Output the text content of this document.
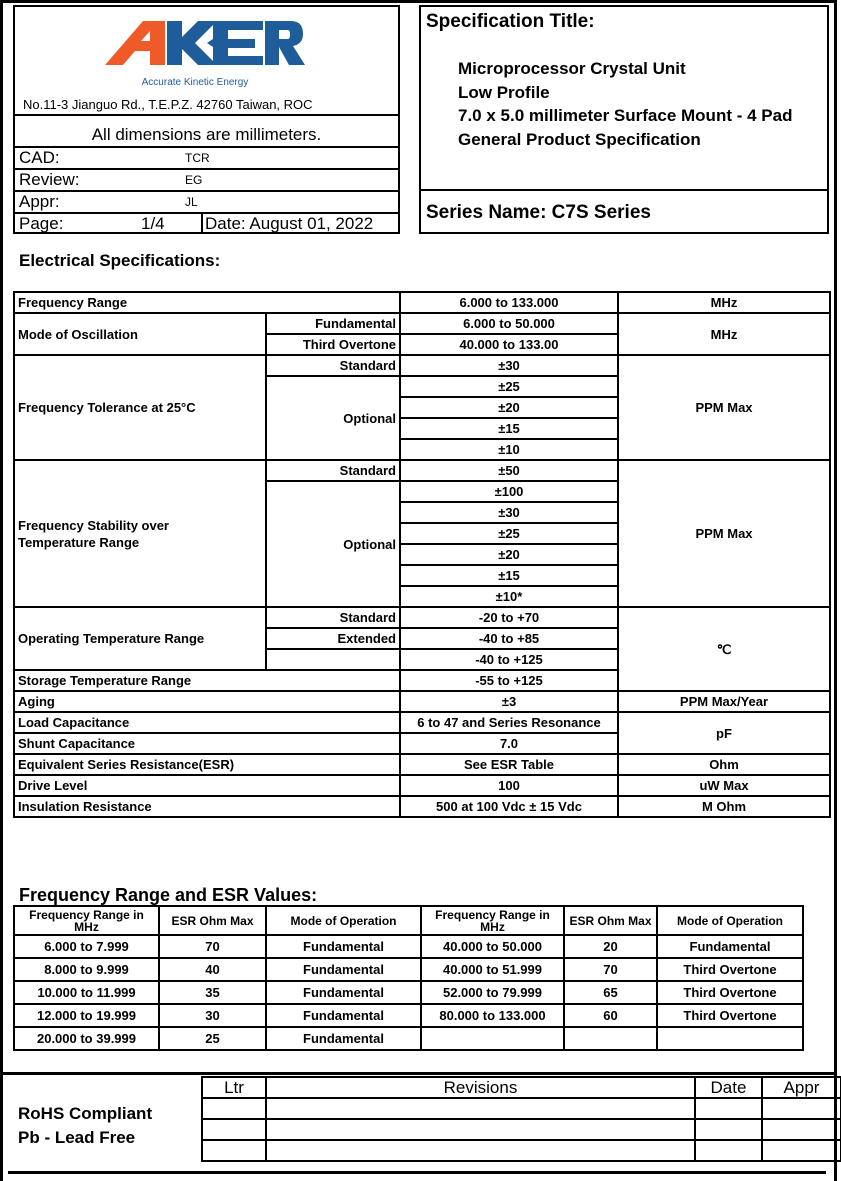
Accurate Kinetic Energy
No.11-3 Jianguo Rd., T.E.P.Z. 42760 Taiwan, ROC
All dimensions are millimeters.
CAD:	TCR
Review:	EG
Appr:	JL
Page:	1/4 Date: August 01, 2022
Specification Title:
Microprocessor Crystal Unit
Low Profile
7.0 x 5.0 millimeter Surface Mount - 4 Pad
General Product Specification
Series Name: C7S Series
Electrical Specifications:
Frequency Range		6.000 to 133.000	MHz
Mode of Oscillation	Fundamental	6.000 to 50.000	MHz
	Third Overtone	40.000 to 133.00	
Frequency Tolerance at 25°C	Standard	±30	PPM Max
	Optional	±25	
		±20	
		±15	
		±10	

Frequency Stability over
Temperature Range	Standard	±50	PPM Max
	Optional	±100	
		±30	
		±25	
		±20	
		±15	
		±10*	
Operating Temperature Range	Standard	-20 to +70	℃
	Extended	-40 to +85	
		-40 to +125	
Storage Temperature Range		-55 to +125	
Aging		±3	PPM Max/Year
Load Capacitance		6 to 47 and Series Resonance	pF
Shunt Capacitance		7.0	
Equivalent Series Resistance(ESR)		See ESR Table	Ohm
Drive Level		100	uW Max
Insulation Resistance		500 at 100 Vdc ± 15 Vdc	M Ohm
Frequency Range and ESR Values:
Frequency Range in MHz	ESR Ohm Max	Mode of Operation	Frequency Range in MHz	ESR Ohm Max	Mode of Operation
6.000 to 7.999	70	Fundamental	40.000 to 50.000	20	Fundamental
8.000 to 9.999	40	Fundamental	40.000 to 51.999	70	Third Overtone
10.000 to 11.999	35	Fundamental	52.000 to 79.999	65	Third Overtone
12.000 to 19.999	30	Fundamental	80.000 to 133.000	60	Third Overtone
20.000 to 39.999	25	Fundamental			
RoHS Compliant
Pb - Lead Free
Ltr	Revisions	Date	Appr
